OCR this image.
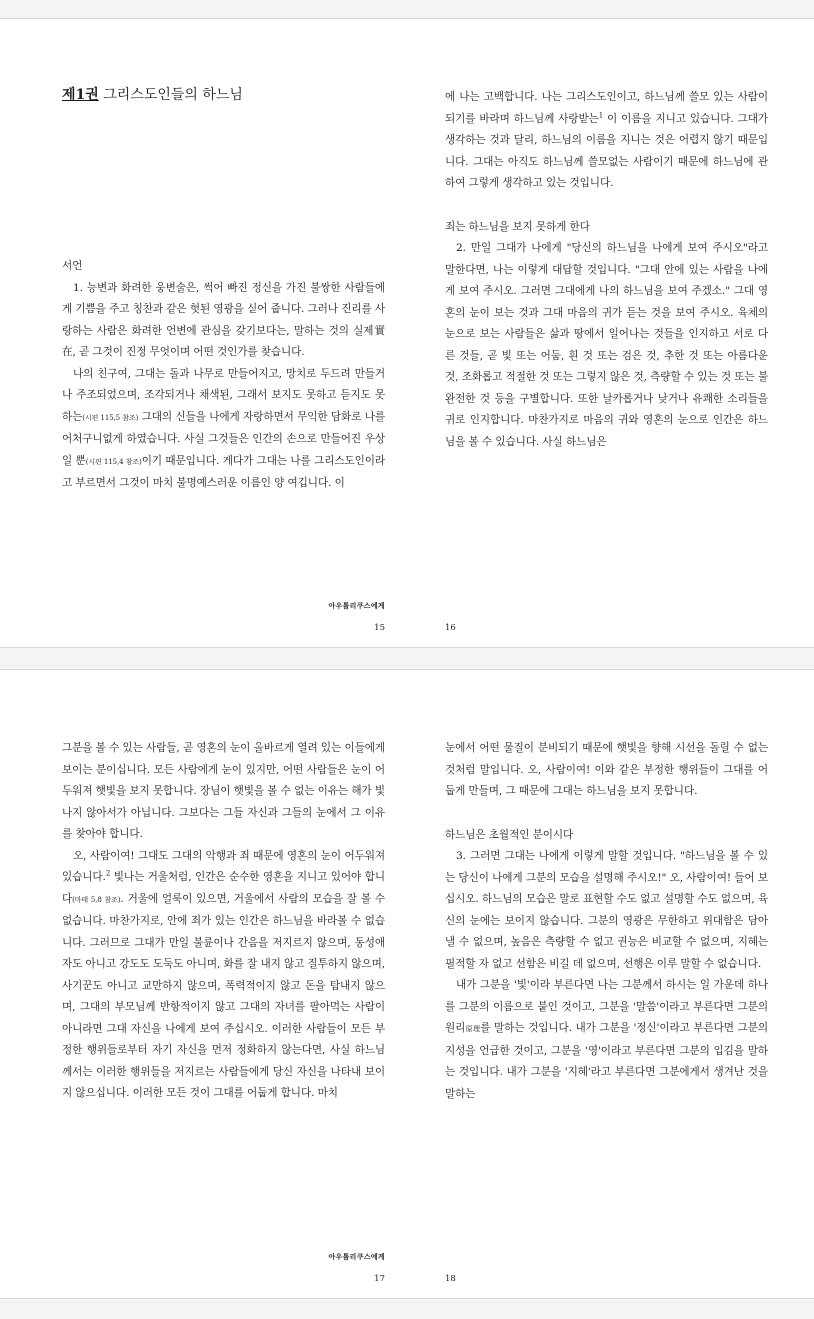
제1권 그리스도인들의 하느님
서언

1. 능변과 화려한 웅변술은, 썩어 빠진 정신을 가진 불쌍한 사람들에게 기쁨을 주고 칭찬과 같은 헛된 영광을 싣어 줍니다. 그러나 진리를 사랑하는 사람은 화려한 언변에 관심을 갖기보다는, 말하는 것의 실제實在, 곧 그것이 진정 무엇이며 어떤 것인가를 찾습니다.

나의 친구여, 그대는 돌과 나무로 만들어지고, 망치로 두드려 만들거나 주조되었으며, 조각되거나 채색된, 그래서 보지도 못하고 듣지도 못하는(시편 115,5 참조) 그대의 신들을 나에게 자랑하면서 무익한 담화로 나를 어처구니없게 하였습니다. 사실 그것들은 인간의 손으로 만들어진 우상일 뿐(시편 115,4 참조)이기 때문입니다. 게다가 그대는 나를 그리스도인이라고 부르면서 그것이 마치 불명예스러운 이름인 양 여깁니다. 이

아우톨리쿠스에게
15

에 나는 고백합니다. 나는 그리스도인이고, 하느님께 쓸모 있는 사람이 되기를 바라며 하느님께 사랑받는$^1$ 이 이름을 지니고 있습니다. 그대가 생각하는 것과 달리, 하느님의 이름을 지니는 것은 어렵지 않기 때문입니다. 그대는 아직도 하느님께 쓸모없는 사람이기 때문에 하느님에 관하여 그렇게 생각하고 있는 것입니다.

죄는 하느님을 보지 못하게 한다

2. 만일 그대가 나에게 "당신의 하느님을 나에게 보여 주시오"라고 말한다면, 나는 이렇게 대답할 것입니다. "그대 안에 있는 사람을 나에게 보여 주시오. 그러면 그대에게 나의 하느님을 보여 주겠소." 그대 영혼의 눈이 보는 것과 그대 마음의 귀가 듣는 것을 보여 주시오. 육체의 눈으로 보는 사람들은 삶과 땅에서 일어나는 것들을 인지하고 서로 다른 것들, 곧 빛 또는 어둠, 흰 것 또는 검은 것, 추한 것 또는 아름다운 것, 조화롭고 적절한 것 또는 그렇지 않은 것, 측량할 수 있는 것 또는 불완전한 것 등을 구별합니다. 또한 날카롭거나 낮거나 유쾌한 소리들을 귀로 인지합니다. 마찬가지로 마음의 귀와 영혼의 눈으로 인간은 하느님을 볼 수 있습니다. 사실 하느님은

16

그분을 볼 수 있는 사람들, 곧 영혼의 눈이 올바르게 열려 있는 이들에게 보이는 분이십니다. 모든 사람에게 눈이 있지만, 어떤 사람들은 눈이 어두워져 햇빛을 보지 못합니다. 장님이 햇빛을 볼 수 없는 이유는 해가 빛나지 않아서가 아닙니다. 그보다는 그들 자신과 그들의 눈에서 그 이유를 찾아야 합니다.

오, 사람이여! 그대도 그대의 악행과 죄 때문에 영혼의 눈이 어두워져 있습니다.$^2$ 빛나는 거울처럼, 인간은 순수한 영혼을 지니고 있어야 합니다(마태 5,8 참조). 거울에 얼룩이 있으면, 거울에서 사람의 모습을 잘 볼 수 없습니다. 마찬가지로, 안에 죄가 있는 인간은 하느님을 바라볼 수 없습니다. 그러므로 그대가 만일 불륜이나 간음을 저지르지 않으며, 동성애자도 아니고 강도도 도둑도 아니며, 화를 잘 내지 않고 질투하지 않으며, 사기꾼도 아니고 교만하지 않으며, 폭력적이지 않고 돈을 탐내지 않으며, 그대의 부모님께 반항적이지 않고 그대의 자녀를 팔아먹는 사람이 아니라면 그대 자신을 나에게 보여 주십시오. 이러한 사람들이 모든 부정한 행위들로부터 자기 자신을 먼저 정화하지 않는다면, 사실 하느님께서는 이러한 행위들을 저지르는 사람들에게 당신 자신을 나타내 보이지 않으십니다. 이러한 모든 것이 그대를 어둡게 합니다. 마치

아우톨리쿠스에게
17

눈에서 어떤 물질이 분비되기 때문에 햇빛을 향해 시선을 돌릴 수 없는 것처럼 말입니다. 오, 사람이여! 이와 같은 부정한 행위들이 그대를 어둡게 만들며, 그 때문에 그대는 하느님을 보지 못합니다.

하느님은 초월적인 분이시다

3. 그러면 그대는 나에게 이렇게 말할 것입니다. "하느님을 볼 수 있는 당신이 나에게 그분의 모습을 설명해 주시오!" 오, 사람이여! 들어 보십시오. 하느님의 모습은 말로 표현할 수도 없고 설명할 수도 없으며, 육신의 눈에는 보이지 않습니다. 그분의 영광은 무한하고 위대함은 담아낼 수 없으며, 높음은 측량할 수 없고 권능은 비교할 수 없으며, 지혜는 필적할 자 없고 선함은 비길 데 없으며, 선행은 이루 말할 수 없습니다.

내가 그분을 '빛'이라 부른다면 나는 그분께서 하시는 일 가운데 하나를 그분의 이름으로 붙인 것이고, 그분을 '말씀'이라고 부른다면 그분의 원리原理를 말하는 것입니다. 내가 그분을 '정신'이라고 부른다면 그분의 지성을 언급한 것이고, 그분을 '영'이라고 부른다면 그분의 입김을 말하는 것입니다. 내가 그분을 '지혜'라고 부른다면 그분에게서 생겨난 것을 말하는

18
